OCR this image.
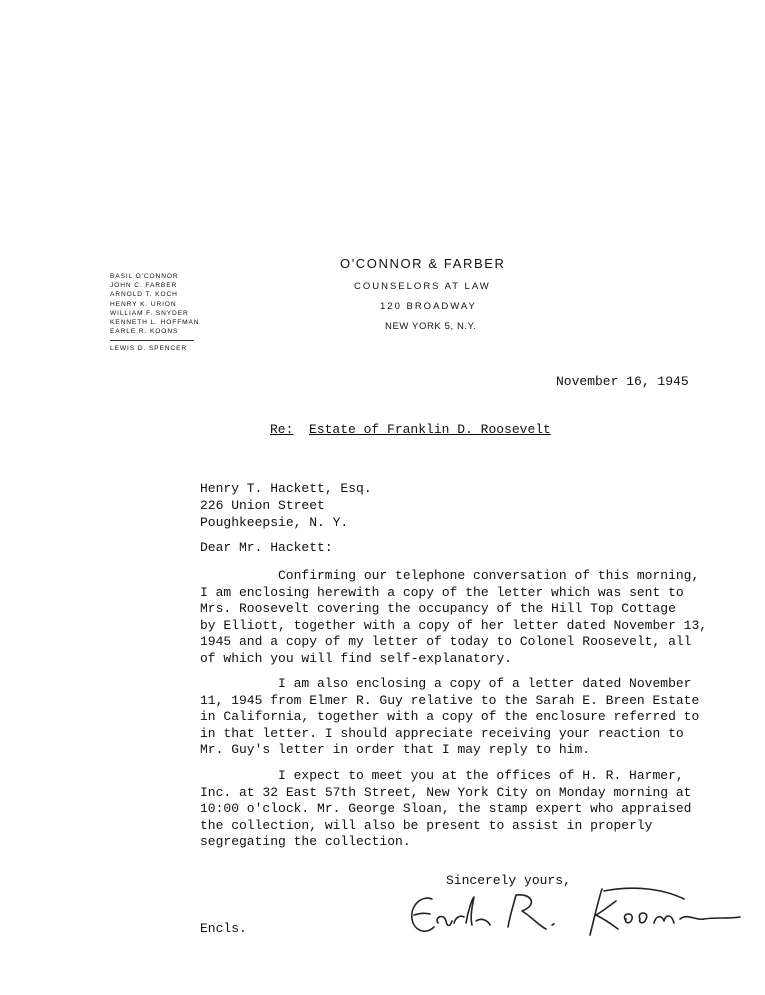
O'CONNOR & FARBER
COUNSELORS AT LAW
120 BROADWAY
NEW YORK 5, N.Y.
BASIL O'CONNOR
JOHN C. FARBER
ARNOLD T. KOCH
HENRY K. URION
WILLIAM F. SNYDER
KENNETH L. HOFFMAN
EARLE R. KOONS
LEWIS D. SPENCER
November 16, 1945
Re: Estate of Franklin D. Roosevelt
Henry T. Hackett, Esq.
226 Union Street
Poughkeepsie, N. Y.
Dear Mr. Hackett:
Confirming our telephone conversation of this morning,
I am enclosing herewith a copy of the letter which was sent to
Mrs. Roosevelt covering the occupancy of the Hill Top Cottage
by Elliott, together with a copy of her letter dated November 13,
1945 and a copy of my letter of today to Colonel Roosevelt, all
of which you will find self-explanatory.
I am also enclosing a copy of a letter dated November
11, 1945 from Elmer R. Guy relative to the Sarah E. Breen Estate
in California, together with a copy of the enclosure referred to
in that letter. I should appreciate receiving your reaction to
Mr. Guy's letter in order that I may reply to him.
I expect to meet you at the offices of H. R. Harmer,
Inc. at 32 East 57th Street, New York City on Monday morning at
10:00 o'clock. Mr. George Sloan, the stamp expert who appraised
the collection, will also be present to assist in properly
segregating the collection.
Sincerely yours,
Encls.
